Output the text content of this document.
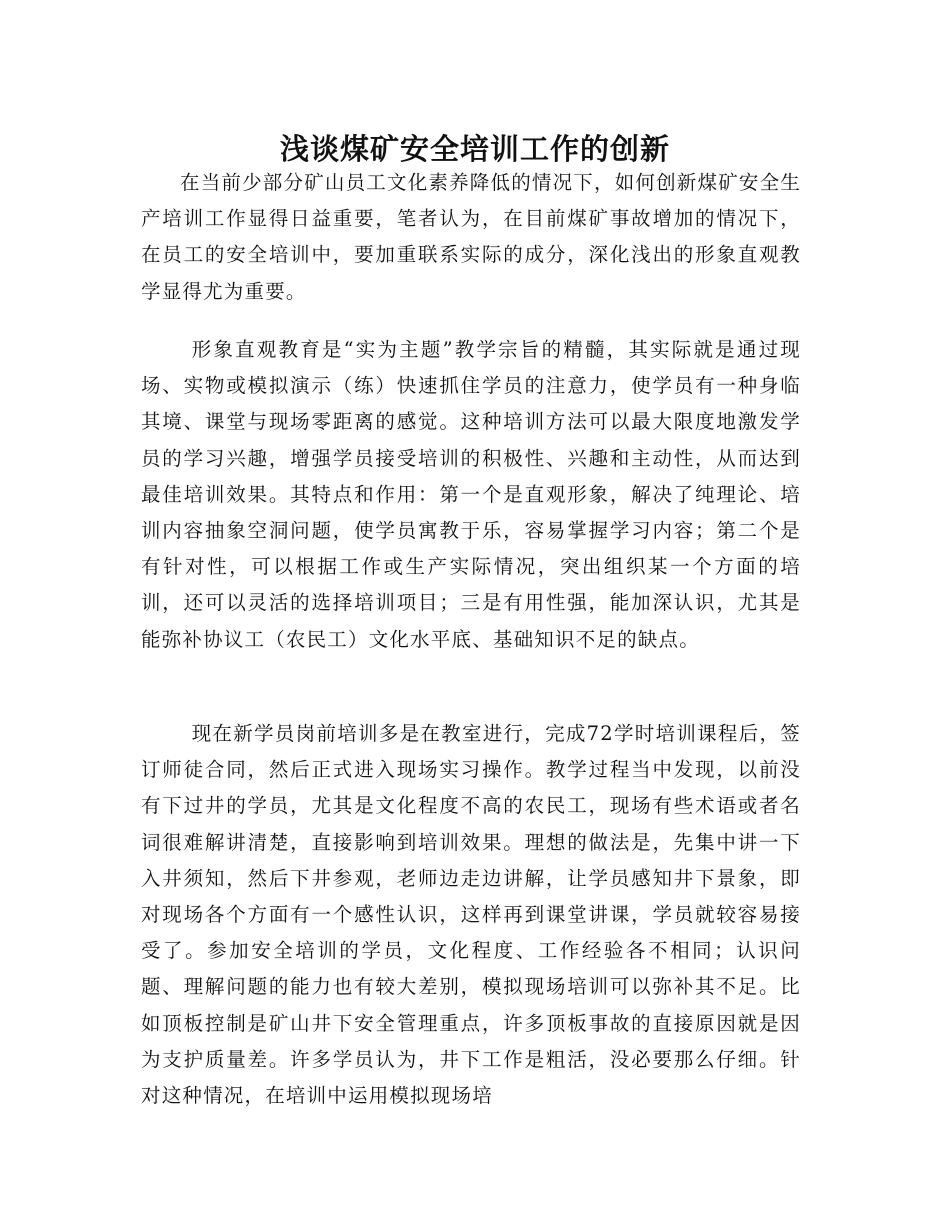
浅谈煤矿安全培训工作的创新

在当前少部分矿山员工文化素养降低的情况下，如何创新煤矿安全生产培训工作显得日益重要，笔者认为，在目前煤矿事故增加的情况下，在员工的安全培训中，要加重联系实际的成分，深化浅出的形象直观教学显得尤为重要。

形象直观教育是“实为主题”教学宗旨的精髓，其实际就是通过现场、实物或模拟演示（练）快速抓住学员的注意力，使学员有一种身临其境、课堂与现场零距离的感觉。这种培训方法可以最大限度地激发学员的学习兴趣，增强学员接受培训的积极性、兴趣和主动性，从而达到最佳培训效果。其特点和作用：第一个是直观形象，解决了纯理论、培训内容抽象空洞问题，使学员寓教于乐，容易掌握学习内容；第二个是有针对性，可以根据工作或生产实际情况，突出组织某一个方面的培训，还可以灵活的选择培训项目；三是有用性强，能加深认识，尤其是能弥补协议工（农民工）文化水平底、基础知识不足的缺点。

现在新学员岗前培训多是在教室进行，完成72学时培训课程后，签订师徒合同，然后正式进入现场实习操作。教学过程当中发现，以前没有下过井的学员，尤其是文化程度不高的农民工，现场有些术语或者名词很难解讲清楚，直接影响到培训效果。理想的做法是，先集中讲一下入井须知，然后下井参观，老师边走边讲解，让学员感知井下景象，即对现场各个方面有一个感性认识，这样再到课堂讲课，学员就较容易接受了。参加安全培训的学员，文化程度、工作经验各不相同；认识问题、理解问题的能力也有较大差别，模拟现场培训可以弥补其不足。比如顶板控制是矿山井下安全管理重点，许多顶板事故的直接原因就是因为支护质量差。许多学员认为，井下工作是粗活，没必要那么仔细。针对这种情况，在培训中运用模拟现场培
